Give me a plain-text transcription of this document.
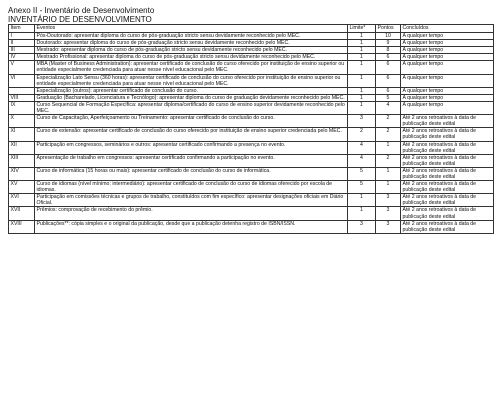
Anexo II - Inventário de Desenvolvimento
INVENTÁRIO DE DESENVOLVIMENTO
Item	Eventos	Limite*	Pontos	Concluídos
I	Pós-Doutorado: apresentar diploma do curso de pós-graduação stricto sensu devidamente reconhecido pelo MEC.	1	10	A qualquer tempo
II	Doutorado: apresentar diploma do curso de pós-graduação stricto sensu devidamente reconhecido pelo MEC.	1	9	A qualquer tempo
III	Mestrado: apresentar diploma do curso de pós-graduação stricto sensu devidamente reconhecido pelo MEC.	1	8	A qualquer tempo
IV	Mestrado Profissional: apresentar diploma do curso de pós-graduação stricto sensu devidamente reconhecido pelo MEC.	1	6	A qualquer tempo
V	MBA (Master of Business Administration): apresentar certificado de conclusão do curso oferecido por instituição de ensino superior ou entidade especialmente credenciada para atuar nesse nível educacional pelo MEC.	1	6	A qualquer tempo
VI	Especialização Lato Sensu (360 horas): apresentar certificado de conclusão do curso oferecido por instituição de ensino superior ou entidade especialmente credenciada para atuar nesse nível educacional pelo MEC.	1	6	A qualquer tempo
	Especialização (outros): apresentar certificado de conclusão do curso.	1	6	A qualquer tempo
VIII	Graduação (Bacharelado, Licenciatura e Tecnólogo): apresentar diploma do curso de graduação devidamente reconhecido pelo MEC.	1	5	A qualquer tempo
IX	Curso Sequencial de Formação Específica: apresentar diploma/certificado do curso de ensino superior devidamente reconhecido pelo MEC.	1	4	A qualquer tempo
X	Curso de Capacitação, Aperfeiçoamento ou Treinamento: apresentar certificado de conclusão do curso.	3	2	Até 2 anos retroativos à data de publicação deste edital
XI	Curso de extensão: apresentar certificado de conclusão do curso oferecido por instituição de ensino superior credenciada pelo MEC.	2	2	Até 2 anos retroativos à data de publicação deste edital
XII	Participação em congressos, seminários e outros: apresentar certificado confirmando a presença no evento.	4	1	Até 2 anos retroativos à data de publicação deste edital
XIII	Apresentação de trabalho em congressos: apresentar certificado confirmando a participação no evento.	4	2	Até 2 anos retroativos à data de publicação deste edital
XIV	Curso de informática (15 horas ou mais): apresentar certificado de conclusão do curso de informática.	5	1	Até 2 anos retroativos à data de publicação deste edital
XV	Curso de idiomas (nível mínimo: intermediário): apresentar certificado de conclusão do curso de idiomas oferecido por escola de idiomas.	5	1	Até 2 anos retroativos à data de publicação deste edital
XVI	Participação em comissões técnicas e grupos de trabalho, constituídos com fim específico: apresentar designações oficiais em Diário Oficial.	1	3	Até 2 anos retroativos à data de publicação deste edital
XVII	Prêmios: comprovação de recebimento do prêmio.	1	3	Até 2 anos retroativos à data de publicação deste edital
XVIII	Publicações**: cópia simples e o original da publicação, desde que a publicação detenha registro de ISBN/ISSN.	3	3	Até 2 anos retroativos à data de publicação deste edital
